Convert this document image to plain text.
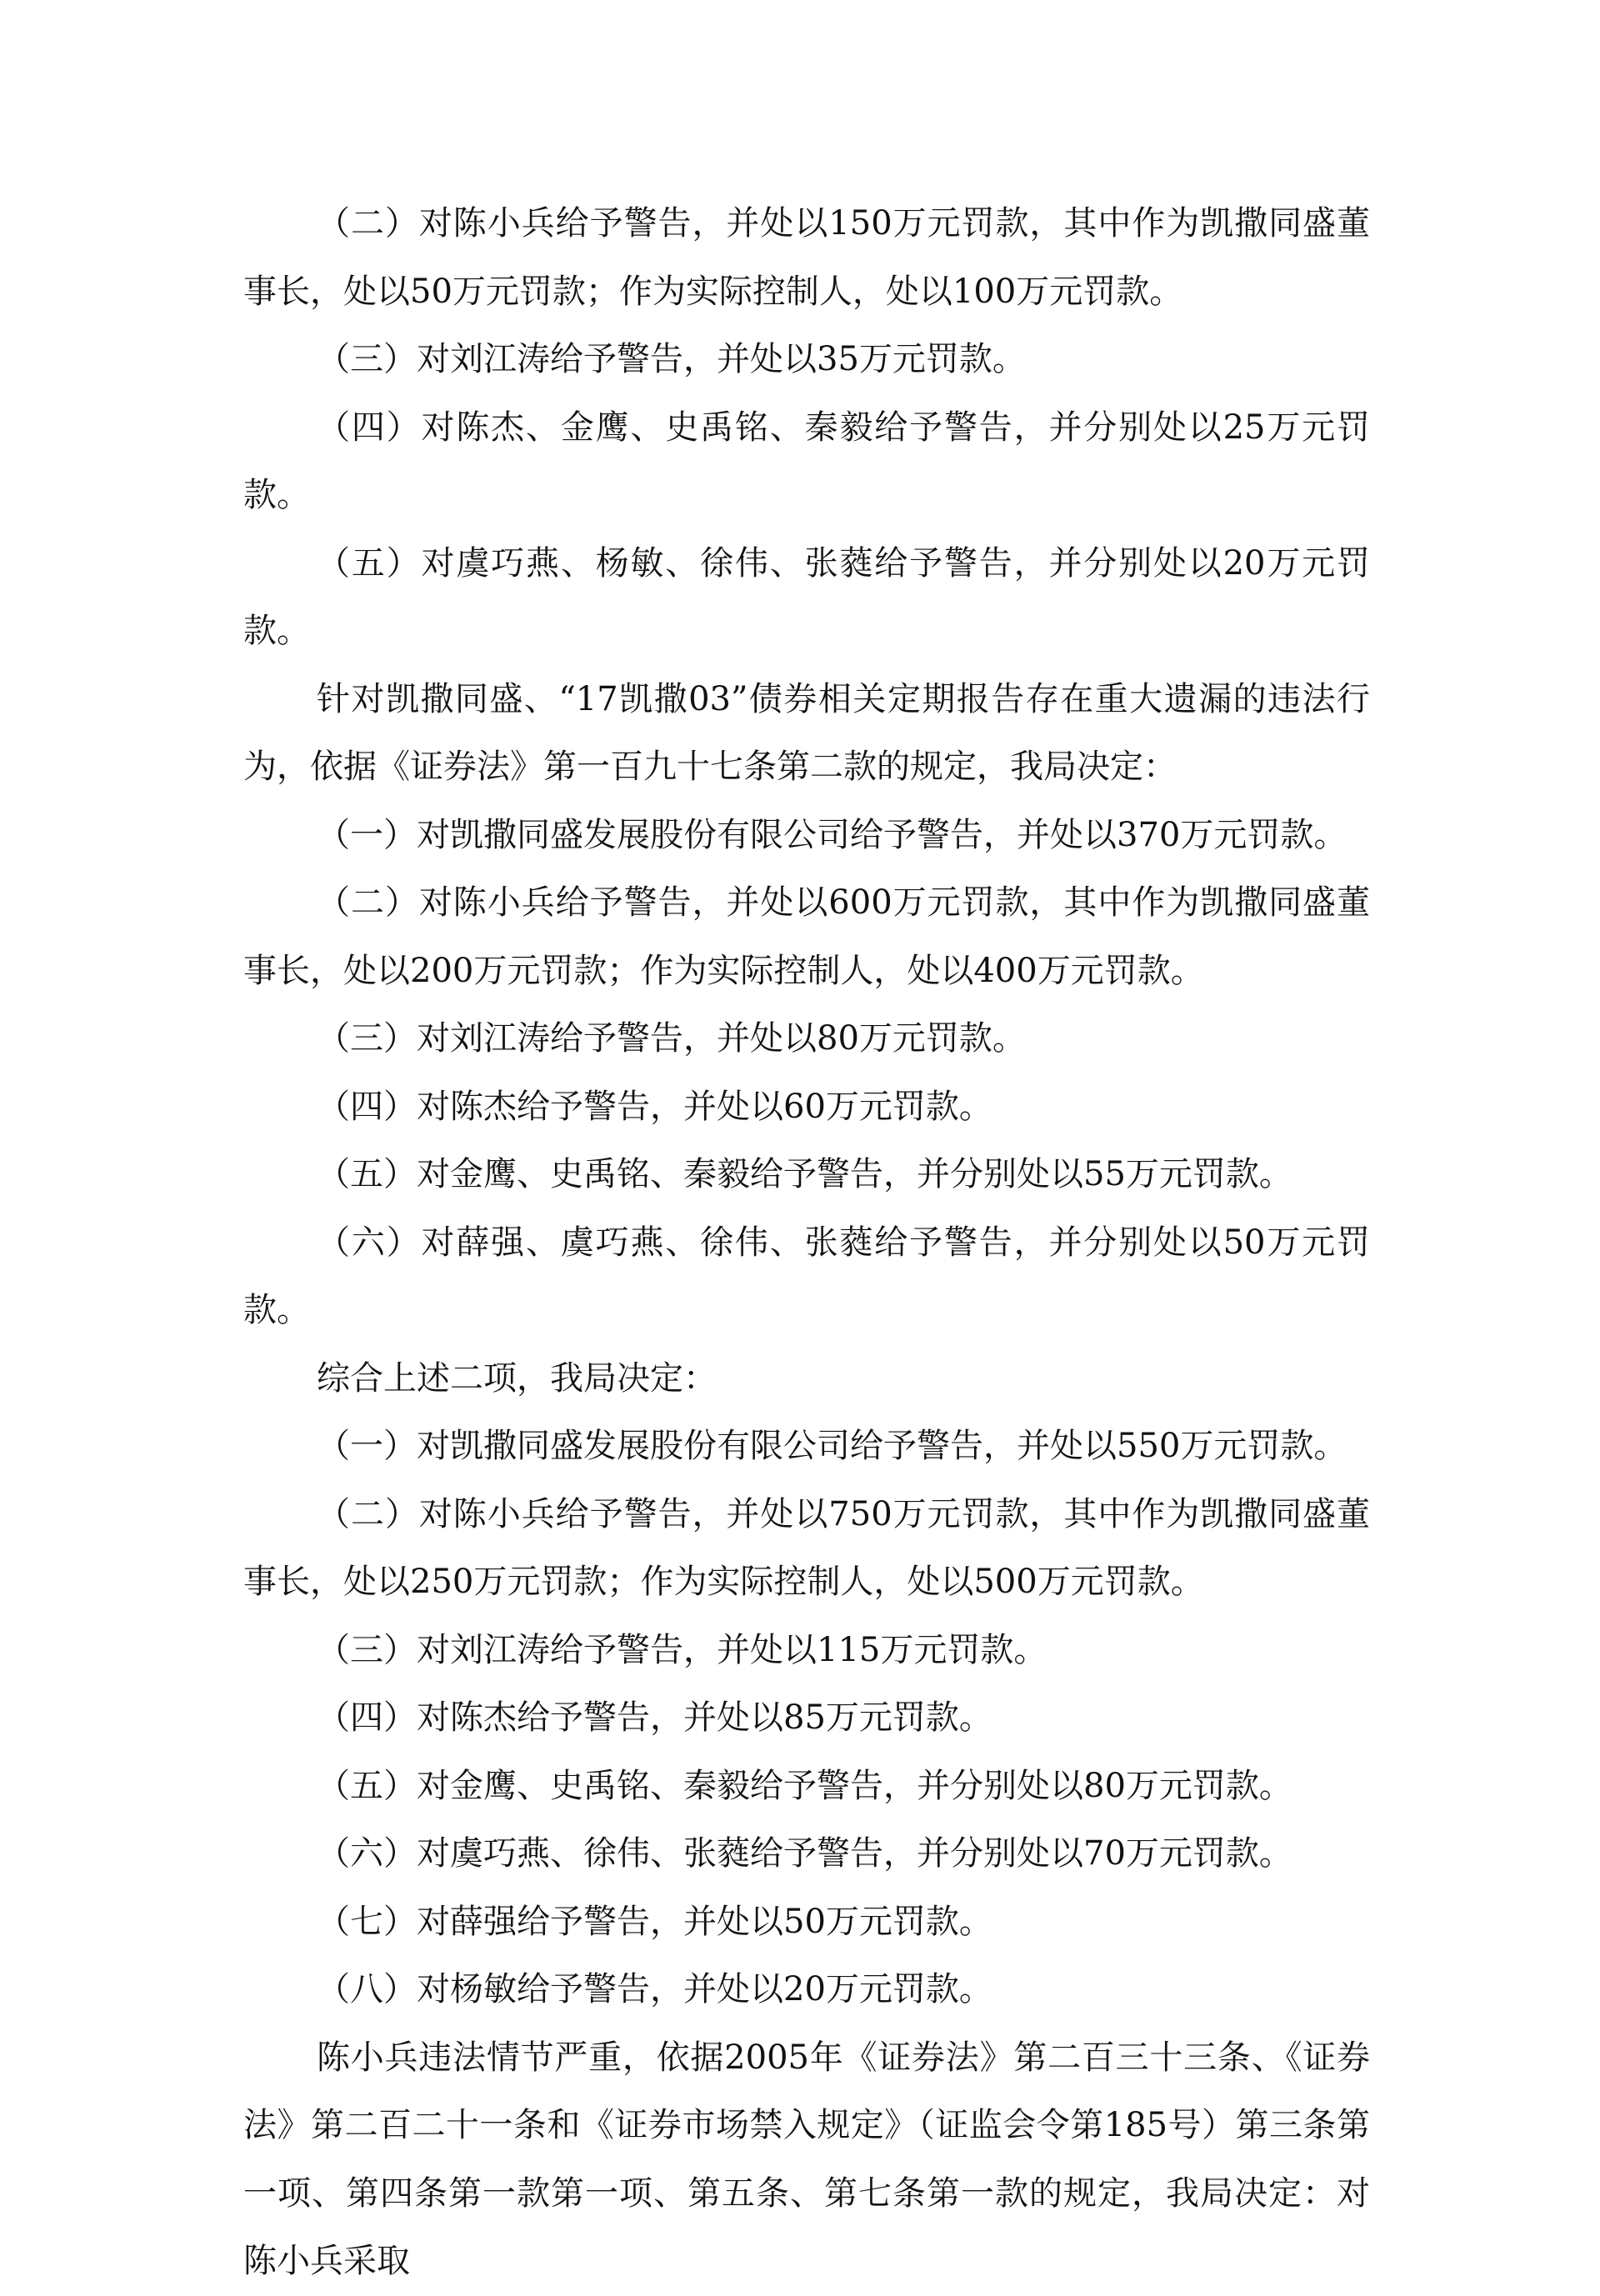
（二）对陈小兵给予警告，并处以150万元罚款，其中作为凯撒同盛董事长，处以50万元罚款；作为实际控制人，处以100万元罚款。

（三）对刘江涛给予警告，并处以35万元罚款。

（四）对陈杰、金鹰、史禹铭、秦毅给予警告，并分别处以25万元罚款。

（五）对虞巧燕、杨敏、徐伟、张蕤给予警告，并分别处以20万元罚款。

针对凯撒同盛、“17凯撒03”债券相关定期报告存在重大遗漏的违法行为，依据《证券法》第一百九十七条第二款的规定，我局决定：

（一）对凯撒同盛发展股份有限公司给予警告，并处以370万元罚款。

（二）对陈小兵给予警告，并处以600万元罚款，其中作为凯撒同盛董事长，处以200万元罚款；作为实际控制人，处以400万元罚款。

（三）对刘江涛给予警告，并处以80万元罚款。

（四）对陈杰给予警告，并处以60万元罚款。

（五）对金鹰、史禹铭、秦毅给予警告，并分别处以55万元罚款。

（六）对薛强、虞巧燕、徐伟、张蕤给予警告，并分别处以50万元罚款。

综合上述二项，我局决定：

（一）对凯撒同盛发展股份有限公司给予警告，并处以550万元罚款。

（二）对陈小兵给予警告，并处以750万元罚款，其中作为凯撒同盛董事长，处以250万元罚款；作为实际控制人，处以500万元罚款。

（三）对刘江涛给予警告，并处以115万元罚款。

（四）对陈杰给予警告，并处以85万元罚款。

（五）对金鹰、史禹铭、秦毅给予警告，并分别处以80万元罚款。

（六）对虞巧燕、徐伟、张蕤给予警告，并分别处以70万元罚款。

（七）对薛强给予警告，并处以50万元罚款。

（八）对杨敏给予警告，并处以20万元罚款。

陈小兵违法情节严重，依据2005年《证券法》第二百三十三条、《证券法》第二百二十一条和《证券市场禁入规定》（证监会令第185号）第三条第一项、第四条第一款第一项、第五条、第七条第一款的规定，我局决定：对陈小兵采取
